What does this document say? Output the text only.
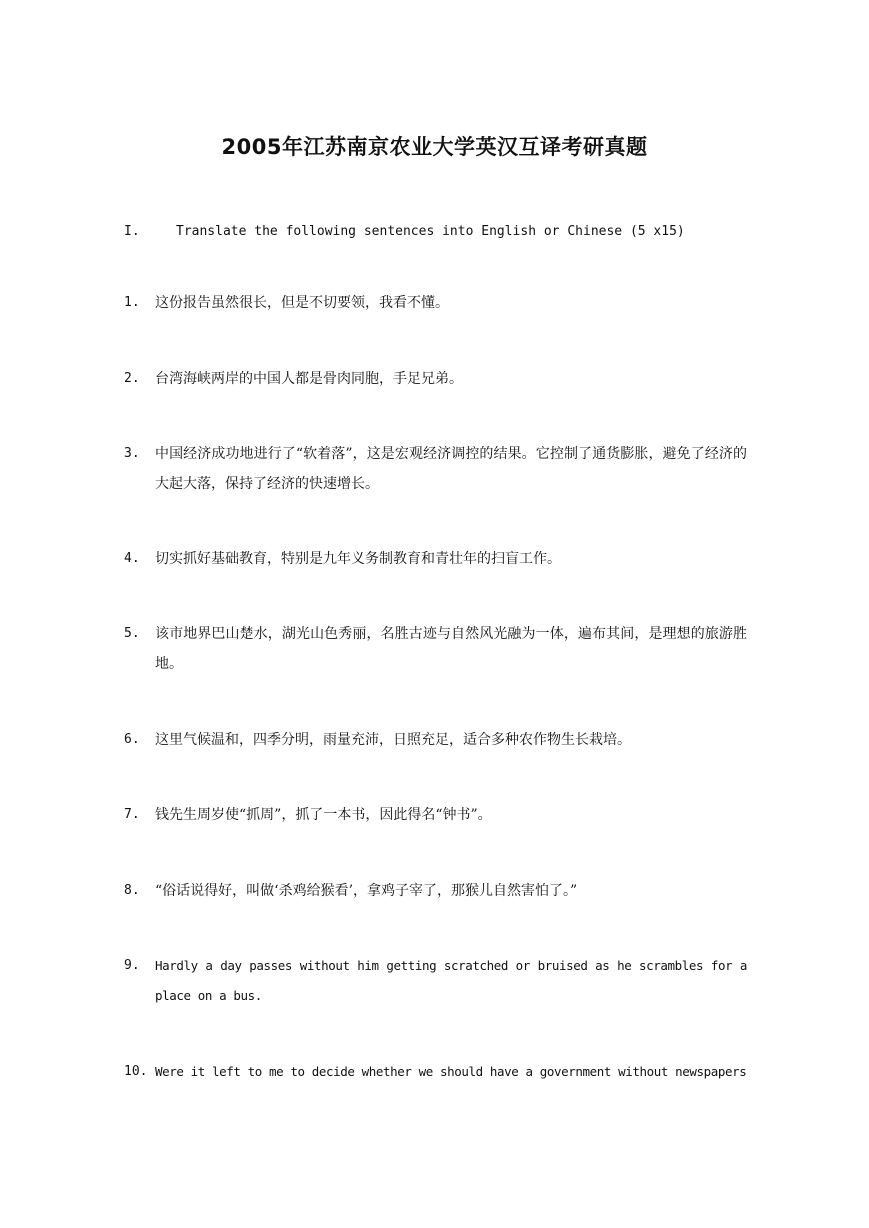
2005年江苏南京农业大学英汉互译考研真题
I.	Translate the following sentences into English or Chinese (5 x15)
1.	这份报告虽然很长，但是不切要领，我看不懂。
2.	台湾海峡两岸的中国人都是骨肉同胞，手足兄弟。
3.	中国经济成功地进行了“软着落”，这是宏观经济调控的结果。它控制了通货膨胀，避免了经济的大起大落，保持了经济的快速增长。
4.	切实抓好基础教育，特别是九年义务制教育和青壮年的扫盲工作。
5.	该市地界巴山楚水，湖光山色秀丽，名胜古迹与自然风光融为一体，遍布其间，是理想的旅游胜地。
6.	这里气候温和，四季分明，雨量充沛，日照充足，适合多种农作物生长栽培。
7.	钱先生周岁使“抓周”，抓了一本书，因此得名“钟书”。
8.	“俗话说得好，叫做‘杀鸡给猴看’，拿鸡子宰了，那猴儿自然害怕了。”
9.	Hardly a day passes without him getting scratched or bruised as he scrambles for a place on a bus.
10. Were it left to me to decide whether we should have a government without newspapers
